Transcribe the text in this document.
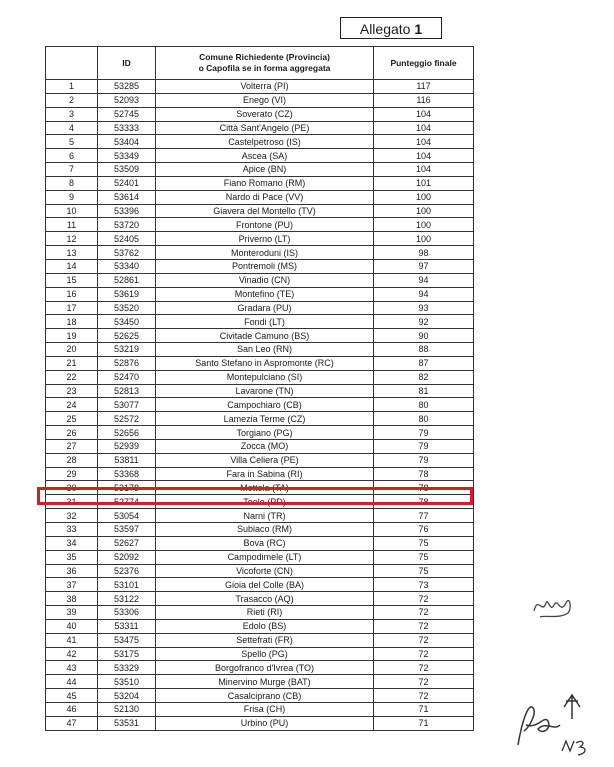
Allegato 1
	ID	Comune Richiedente (Provincia)
o Capofila se in forma aggregata	Punteggio finale
1	53285	Volterra (PI)	117
2	52093	Enego (VI)	116
3	52745	Soverato (CZ)	104
4	53333	Città Sant'Angelo (PE)	104
5	53404	Castelpetroso (IS)	104
6	53349	Ascea (SA)	104
7	53509	Apice (BN)	104
8	52401	Fiano Romano (RM)	101
9	53614	Nardo di Pace (VV)	100
10	53396	Giavera del Montello (TV)	100
11	53720	Frontone (PU)	100
12	52405	Priverno (LT)	100
13	53762	Monteroduni (IS)	98
14	53340	Pontremoli (MS)	97
15	52861	Vinadio (CN)	94
16	53619	Montefino (TE)	94
17	53520	Gradara (PU)	93
18	53450	Fondi (LT)	92
19	52625	Civitade Camuno (BS)	90
20	53219	San Leo (RN)	88
21	52876	Santo Stefano in Aspromonte (RC)	87
22	52470	Montepulciano (SI)	82
23	52813	Lavarone (TN)	81
24	53077	Campochiaro (CB)	80
25	52572	Lamezia Terme (CZ)	80
26	52656	Torgiano (PG)	79
27	52939	Zocca (MO)	79
28	53811	Villa Celiera (PE)	79
29	53368	Fara in Sabina (RI)	78
30	53178	Mottola (TA)	78
31	52774	Teolo (PD)	78
32	53054	Narni (TR)	77
33	53597	Subiaco (RM)	76
34	52627	Bova (RC)	75
35	52092	Campodimele (LT)	75
36	52376	Vicoforte (CN)	75
37	53101	Gioia del Colle (BA)	73
38	53122	Trasacco (AQ)	72
39	53306	Rieti (RI)	72
40	53311	Edolo (BS)	72
41	53475	Settefrati (FR)	72
42	53175	Spello (PG)	72
43	53329	Borgofranco d'Ivrea (TO)	72
44	53510	Minervino Murge (BAT)	72
45	53204	Casalciprano (CB)	72
46	52130	Frisa (CH)	71
47	53531	Urbino (PU)	71
